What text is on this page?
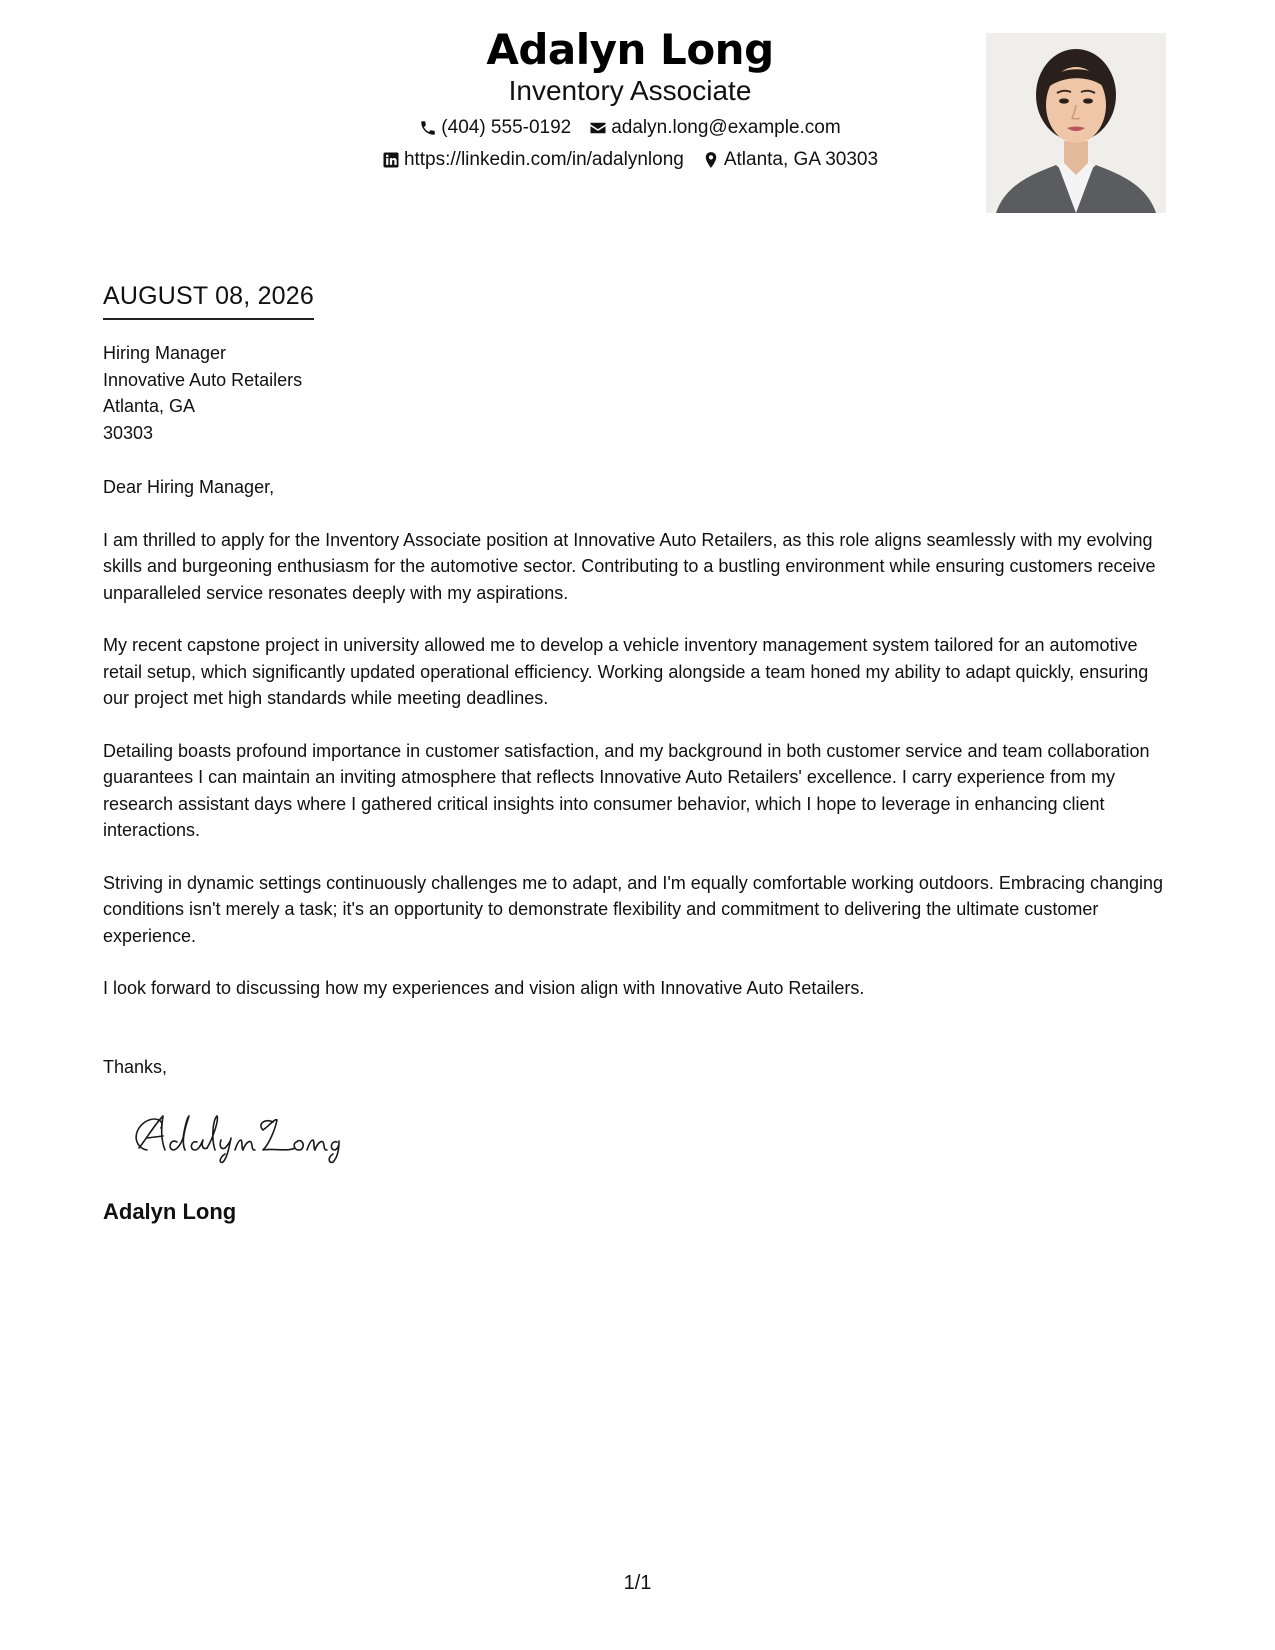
Adalyn Long
Inventory Associate
(404) 555-0192 adalyn.long@example.com
https://linkedin.com/in/adalynlong Atlanta, GA 30303
AUGUST 08, 2026
Hiring Manager
Innovative Auto Retailers
Atlanta, GA
30303

Dear Hiring Manager,

I am thrilled to apply for the Inventory Associate position at Innovative Auto Retailers, as this role aligns seamlessly with my evolving skills and burgeoning enthusiasm for the automotive sector. Contributing to a bustling environment while ensuring customers receive unparalleled service resonates deeply with my aspirations.

My recent capstone project in university allowed me to develop a vehicle inventory management system tailored for an automotive retail setup, which significantly updated operational efficiency. Working alongside a team honed my ability to adapt quickly, ensuring our project met high standards while meeting deadlines.

Detailing boasts profound importance in customer satisfaction, and my background in both customer service and team collaboration guarantees I can maintain an inviting atmosphere that reflects Innovative Auto Retailers' excellence. I carry experience from my research assistant days where I gathered critical insights into consumer behavior, which I hope to leverage in enhancing client interactions.

Striving in dynamic settings continuously challenges me to adapt, and I'm equally comfortable working outdoors. Embracing changing conditions isn't merely a task; it's an opportunity to demonstrate flexibility and commitment to delivering the ultimate customer experience.

I look forward to discussing how my experiences and vision align with Innovative Auto Retailers.

Thanks,
Adalyn Long
1/1
